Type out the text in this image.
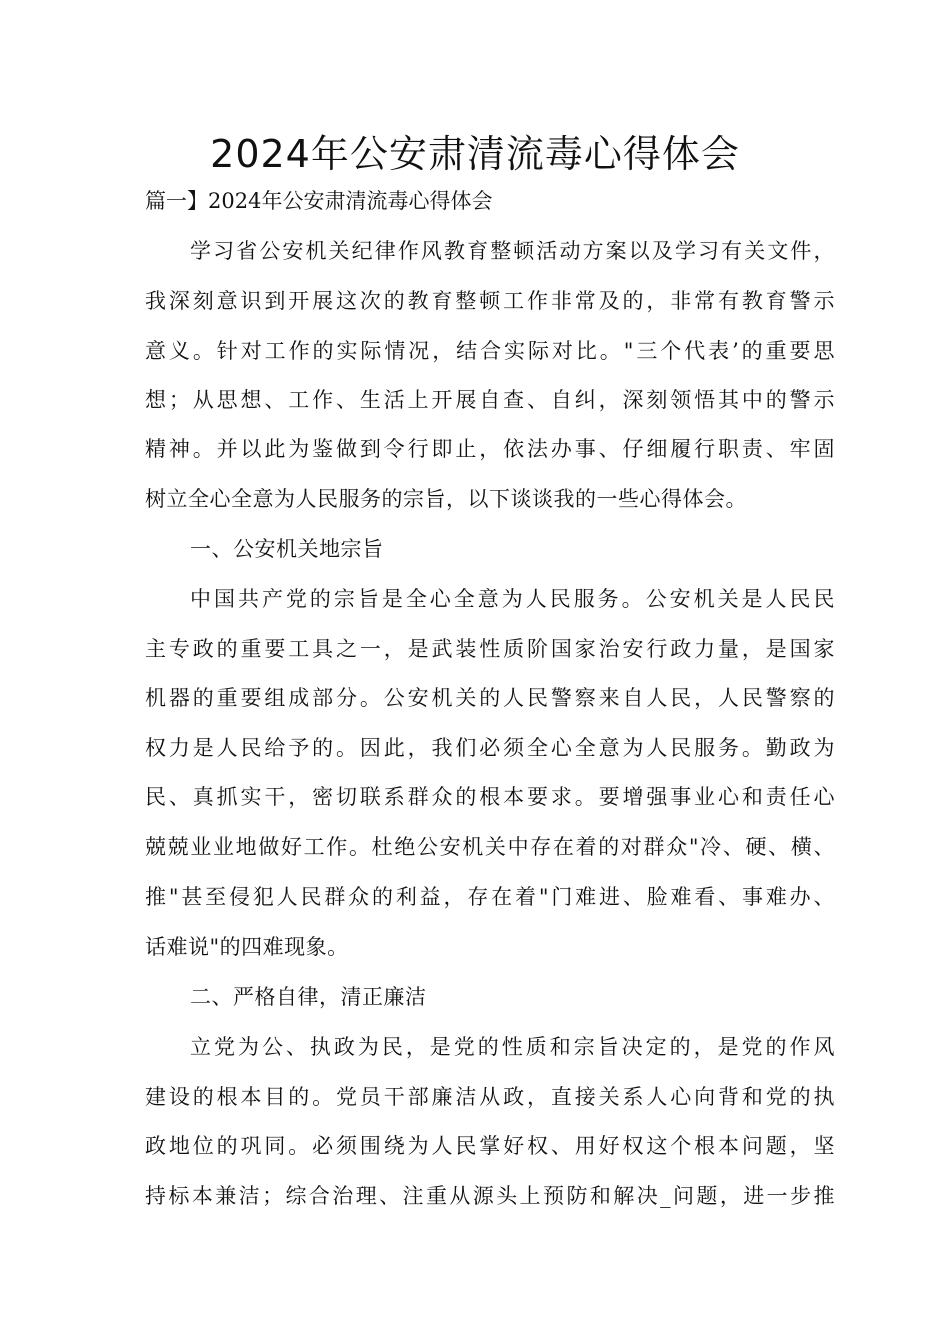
2024年公安肃清流毒心得体会
篇一】2024年公安肃清流毒心得体会
学习省公安机关纪律作风教育整顿活动方案以及学习有关文件，
我深刻意识到开展这次的教育整顿工作非常及的，非常有教育警示
意义。针对工作的实际情况，结合实际对比。"三个代表’的重要思
想；从思想、工作、生活上开展自查、自纠，深刻领悟其中的警示
精神。并以此为鉴做到令行即止，依法办事、仔细履行职责、牢固
树立全心全意为人民服务的宗旨，以下谈谈我的一些心得体会。
一、公安机关地宗旨
中国共产党的宗旨是全心全意为人民服务。公安机关是人民民
主专政的重要工具之一，是武装性质阶国家治安行政力量，是国家
机器的重要组成部分。公安机关的人民警察来自人民，人民警察的
权力是人民给予的。因此，我们必须全心全意为人民服务。勤政为
民、真抓实干，密切联系群众的根本要求。要增强事业心和责任心
兢兢业业地做好工作。杜绝公安机关中存在着的对群众"冷、硬、横、
推"甚至侵犯人民群众的利益，存在着"门难进、脸难看、事难办、
话难说"的四难现象。
二、严格自律，清正廉洁
立党为公、执政为民，是党的性质和宗旨决定的，是党的作风
建设的根本目的。党员干部廉洁从政，直接关系人心向背和党的执
政地位的巩同。必须围绕为人民掌好权、用好权这个根本问题，坚
持标本兼洁；综合治理、注重从源头上预防和解决_问题，进一步推
